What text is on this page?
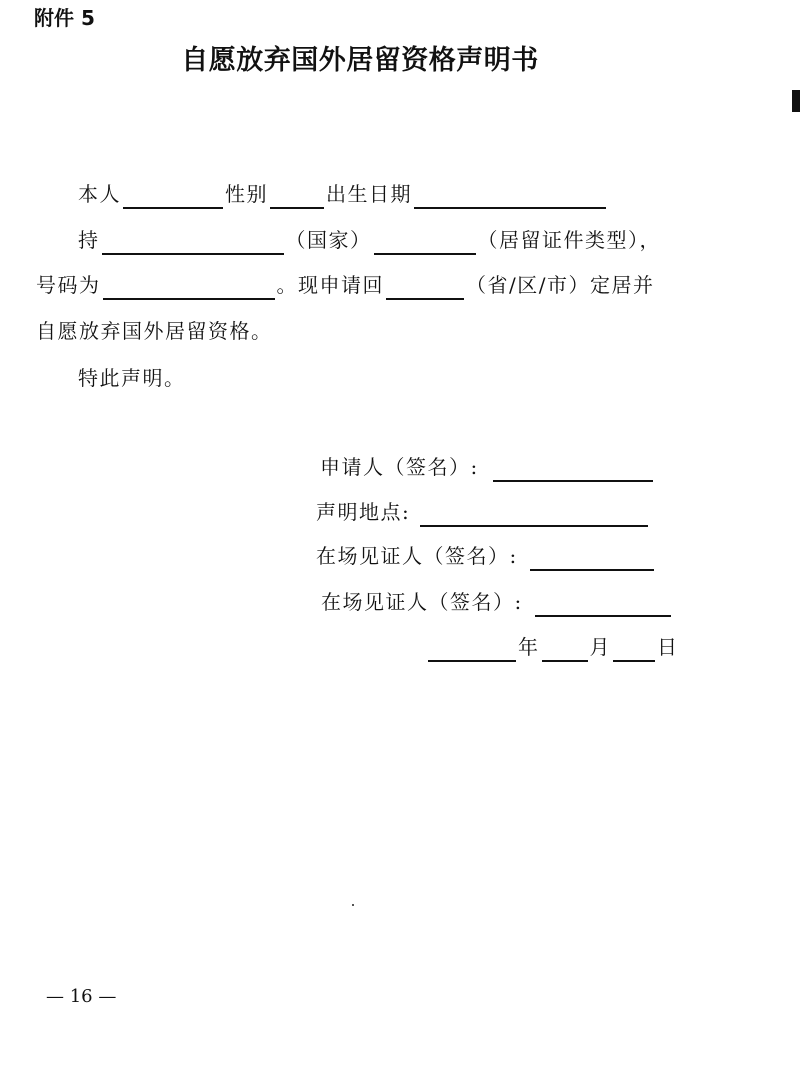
附件 5
自愿放弃国外居留资格声明书
本人	性别	出生日期
持	（国家）	（居留证件类型），
号码为	。现申请回	（省/区/市）定居并
自愿放弃国外居留资格。
特此声明。
申请人（签名）:
声明地点:
在场见证人（签名）:
在场见证人（签名）:
年	月 日
— 16 —
